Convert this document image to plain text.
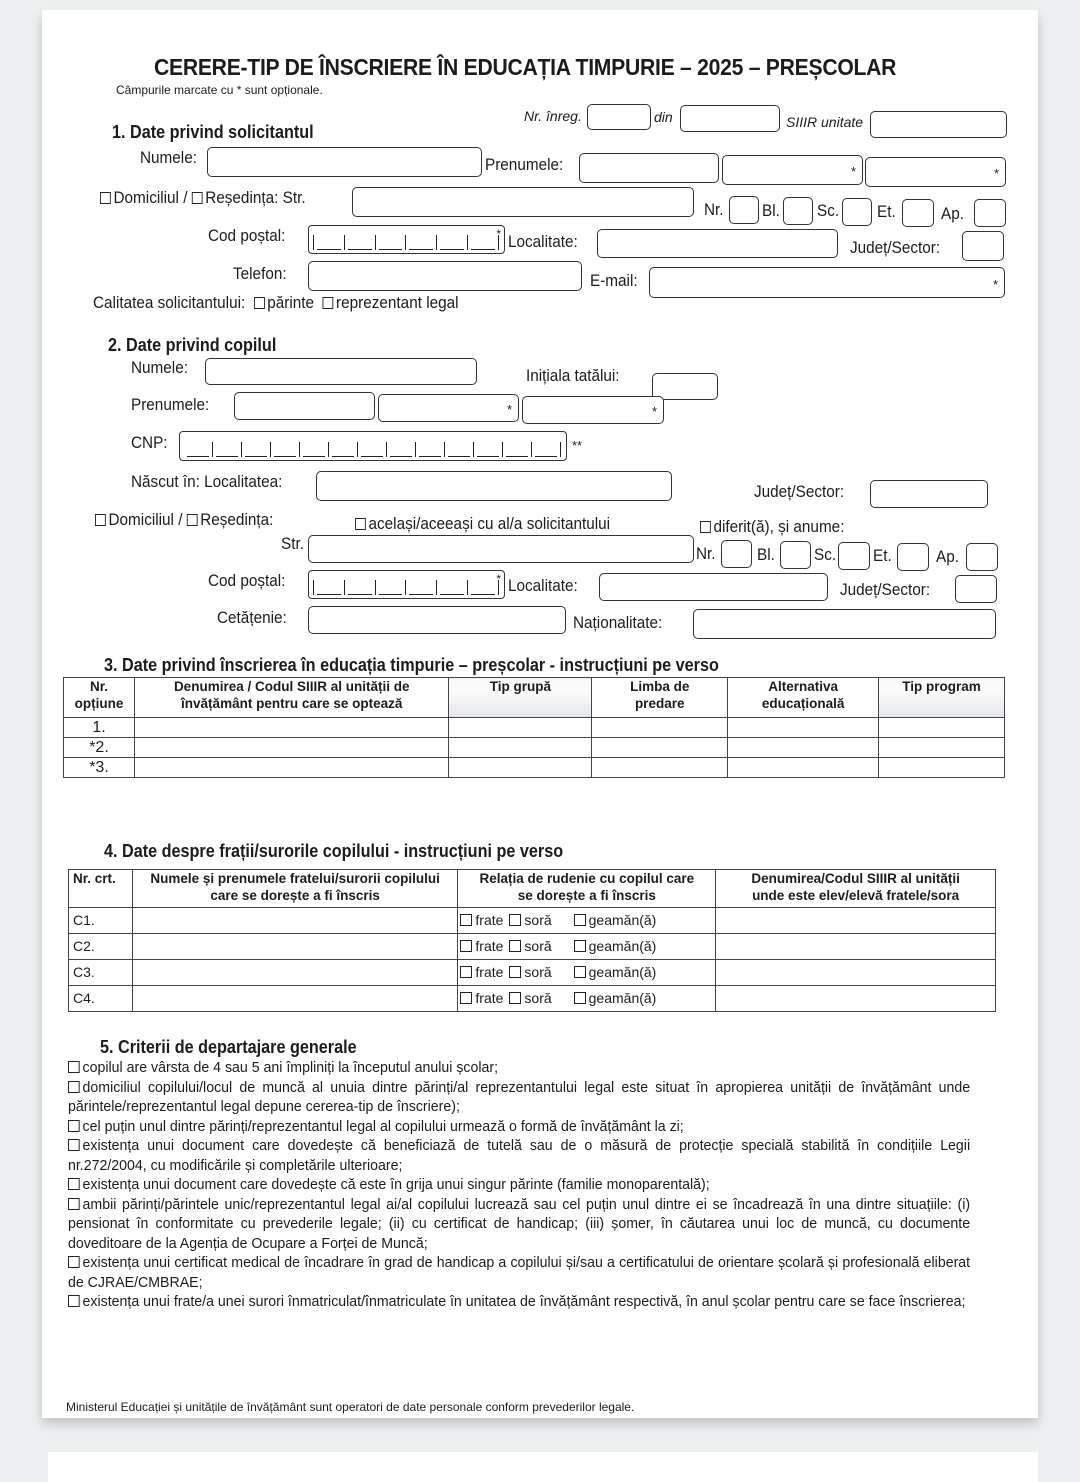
CERERE-TIP DE ÎNSCRIERE ÎN EDUCAȚIA TIMPURIE – 2025 – PREȘCOLAR
Câmpurile marcate cu * sunt opționale.
Nr. înreg.	din	SIIIR unitate
1. Date privind solicitantul
Numele:	Prenumele:	*	*
Domiciliul / Reședința: Str.
Nr. Bl. Sc. Et.	Ap.
Cod poștal:	* Localitate:	Județ/Sector:
Telefon:	E-mail:	*
Calitatea solicitantului: părinte reprezentant legal
2. Date privind copilul
Numele:	Inițiala tatălui:
Prenumele:	*	*
CNP:	**
Născut în: Localitatea:
Județ/Sector:
Domiciliul / Reședința:	același/aceeași cu al/a solicitantului	diferit(ă), și anume:
Str.
Nr. Bl. Sc. Et.	Ap.
Cod poștal:	* Localitate:	Județ/Sector:
Cetățenie:	Naționalitate:
3. Date privind înscrierea în educația timpurie – preșcolar - instrucțiuni pe verso
Nr. opțiune	Denumirea / Codul SIIIR al unității de învățământ pentru care se optează	Tip grupă	Limba de predare	Alternativa educațională	Tip program
1.					
*2.					
*3.					
4. Date despre frații/surorile copilului - instrucțiuni pe verso
Nr. crt.	Numele și prenumele fratelui/surorii copilului care se dorește a fi înscris	Relația de rudenie cu copilul care se dorește a fi înscris	Denumirea/Codul SIIIR al unității unde este elev/elevă fratele/sora
C1.		frate soră geamăn(ă)	
C2.		frate soră geamăn(ă)	
C3.		frate soră geamăn(ă)	
C4.		frate soră geamăn(ă)	
5. Criterii de departajare generale

copilul are vârsta de 4 sau 5 ani împliniți la începutul anului școlar;

domiciliul copilului/locul de muncă al unuia dintre părinți/al reprezentantului legal este situat în apropierea unității de învățământ unde părintele/reprezentantul legal depune cererea-tip de înscriere);

cel puțin unul dintre părinți/reprezentantul legal al copilului urmează o formă de învățământ la zi;

existența unui document care dovedește că beneficiază de tutelă sau de o măsură de protecție specială stabilită în condițiile Legii nr.272/2004, cu modificările și completările ulterioare;

existența unui document care dovedește că este în grija unui singur părinte (familie monoparentală);

ambii părinți/părintele unic/reprezentantul legal ai/al copilului lucrează sau cel puțin unul dintre ei se încadrează în una dintre situațiile: (i) pensionat în conformitate cu prevederile legale; (ii) cu certificat de handicap; (iii) șomer, în căutarea unui loc de muncă, cu documente doveditoare de la Agenția de Ocupare a Forței de Muncă;

existența unui certificat medical de încadrare în grad de handicap a copilului și/sau a certificatului de orientare școlară și profesională eliberat de CJRAE/CMBRAE;

existența unui frate/a unei surori înmatriculat/înmatriculate în unitatea de învățământ respectivă, în anul școlar pentru care se face înscrierea;

Ministerul Educației și unitățile de învățământ sunt operatori de date personale conform prevederilor legale.
